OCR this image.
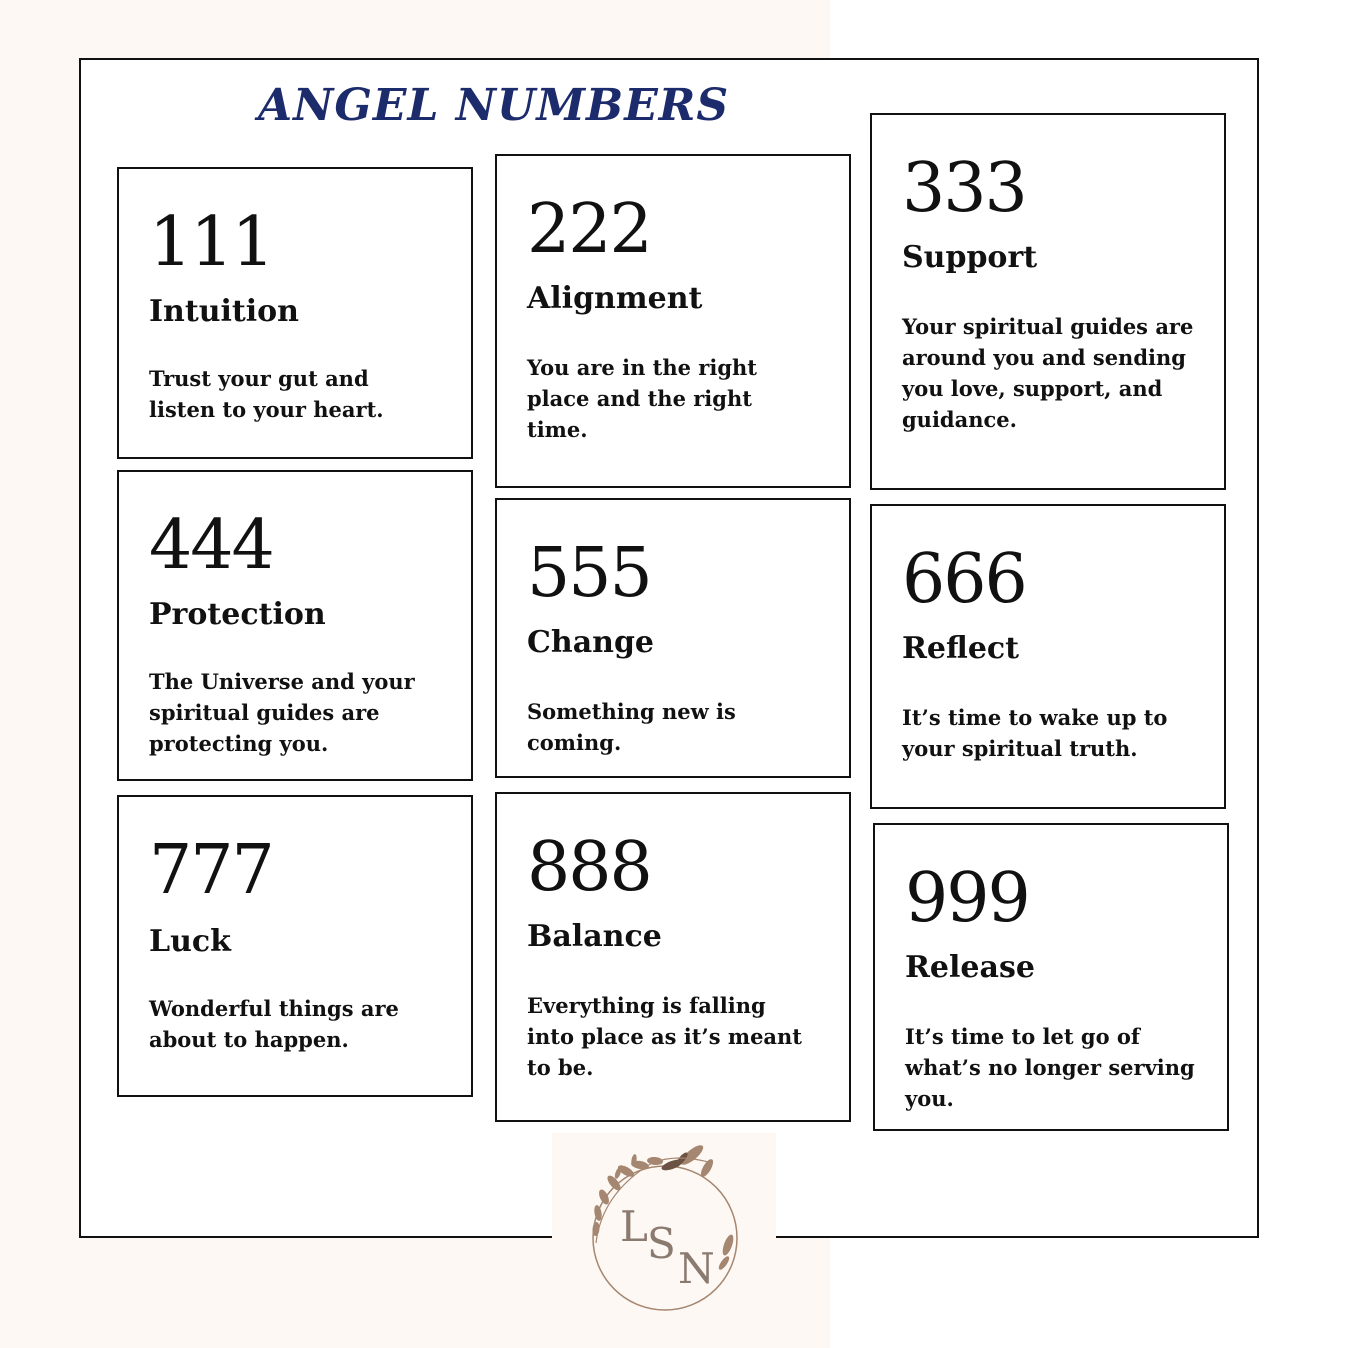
ANGEL NUMBERS
111
Intuition
Trust your gut and listen to your heart.
444
Protection
The Universe and your spiritual guides are protecting you.
777
Luck
Wonderful things are about to happen.
222
Alignment
You are in the right place and the right time.
555
Change
Something new is coming.
888
Balance
Everything is falling into place as it’s meant to be.
333
Support
Your spiritual guides are around you and sending you love, support, and guidance.
666
Reflect
It’s time to wake up to your spiritual truth.
999
Release
It’s time to let go of what’s no longer serving you.
L S
N
